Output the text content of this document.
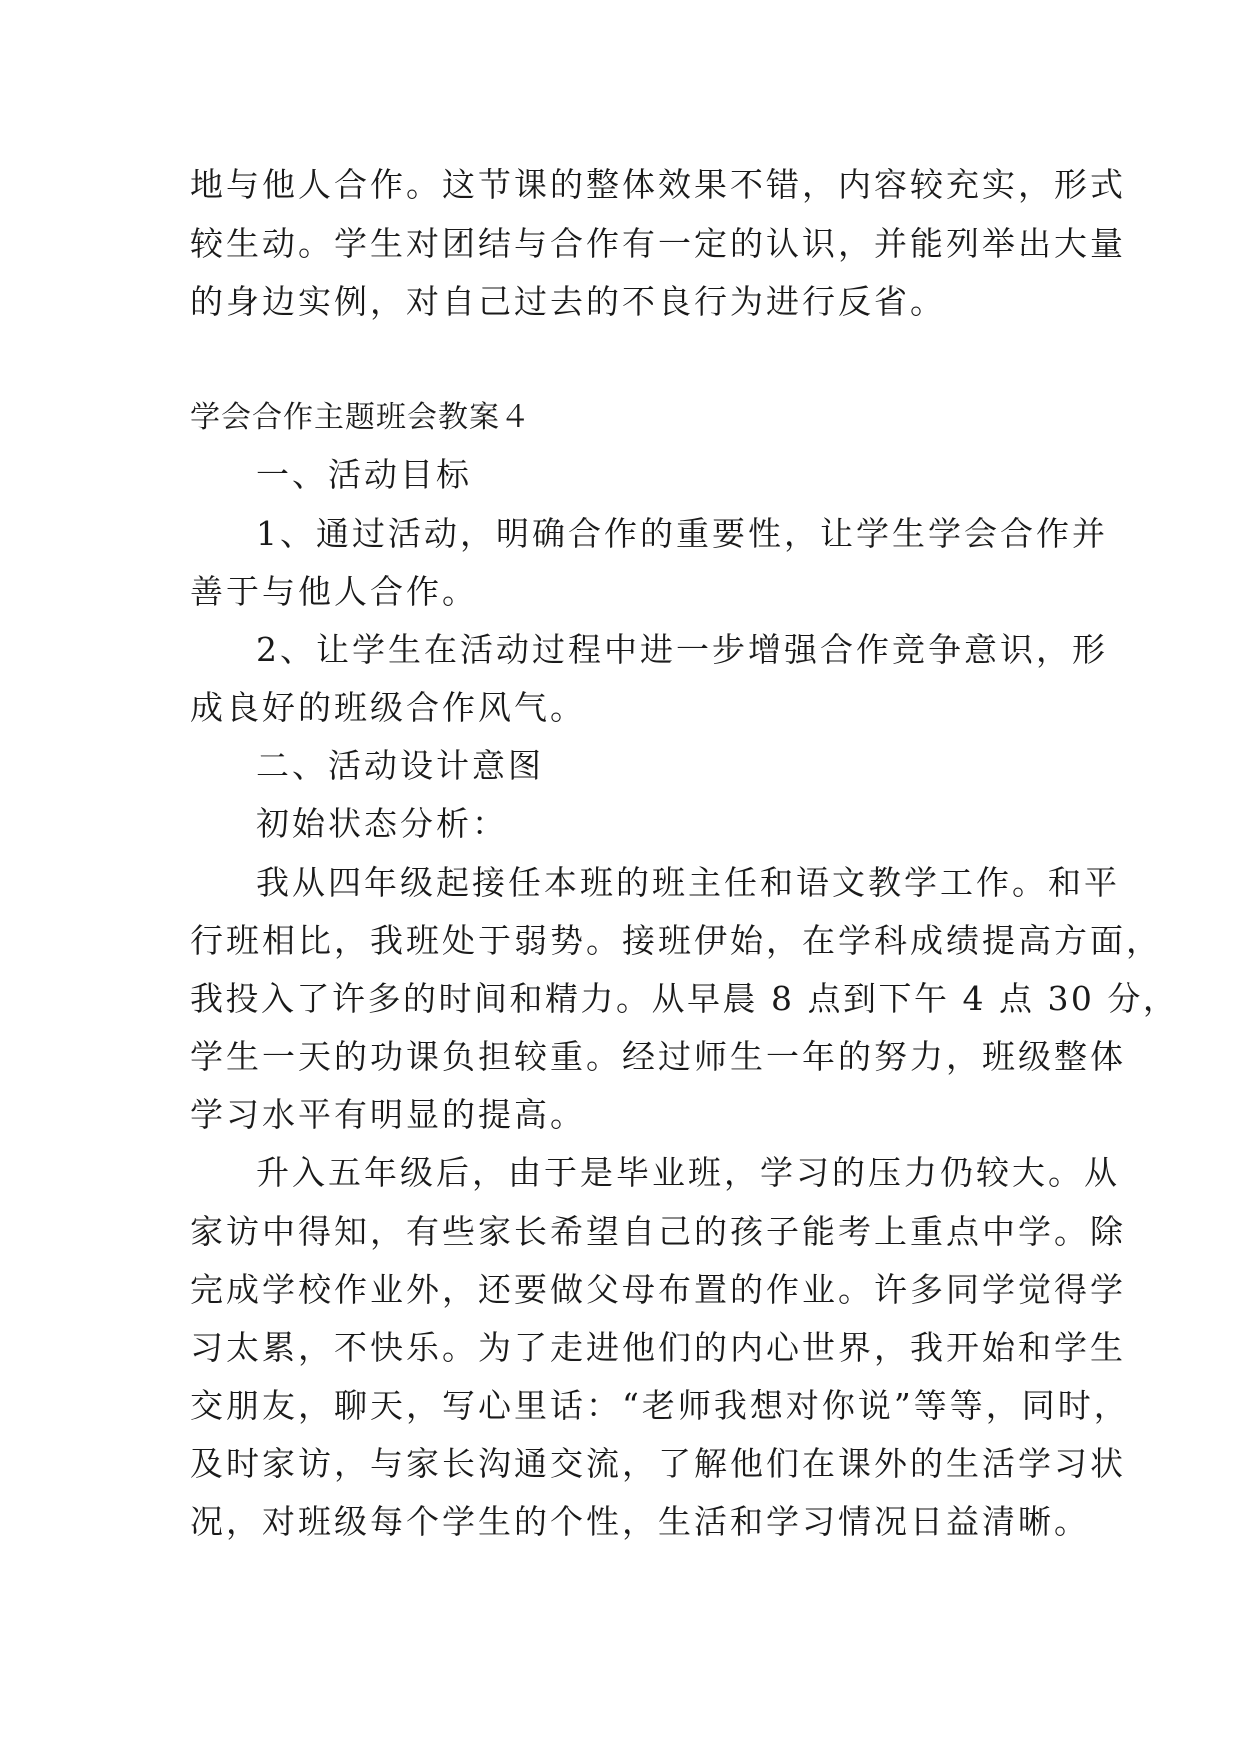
地与他人合作。这节课的整体效果不错，内容较充实，形式
较生动。学生对团结与合作有一定的认识，并能列举出大量
的身边实例，对自己过去的不良行为进行反省。
学会合作主题班会教案４
一、活动目标
1、通过活动，明确合作的重要性，让学生学会合作并
善于与他人合作。
2、让学生在活动过程中进一步增强合作竞争意识，形
成良好的班级合作风气。
二、活动设计意图
初始状态分析：
我从四年级起接任本班的班主任和语文教学工作。和平
行班相比，我班处于弱势。接班伊始，在学科成绩提高方面，
我投入了许多的时间和精力。从早晨 8 点到下午 4 点 30 分，
学生一天的功课负担较重。经过师生一年的努力，班级整体
学习水平有明显的提高。
升入五年级后，由于是毕业班，学习的压力仍较大。从
家访中得知，有些家长希望自己的孩子能考上重点中学。除
完成学校作业外，还要做父母布置的作业。许多同学觉得学
习太累，不快乐。为了走进他们的内心世界，我开始和学生
交朋友，聊天，写心里话：“老师我想对你说”等等，同时，
及时家访，与家长沟通交流，了解他们在课外的生活学习状
况，对班级每个学生的个性，生活和学习情况日益清晰。
